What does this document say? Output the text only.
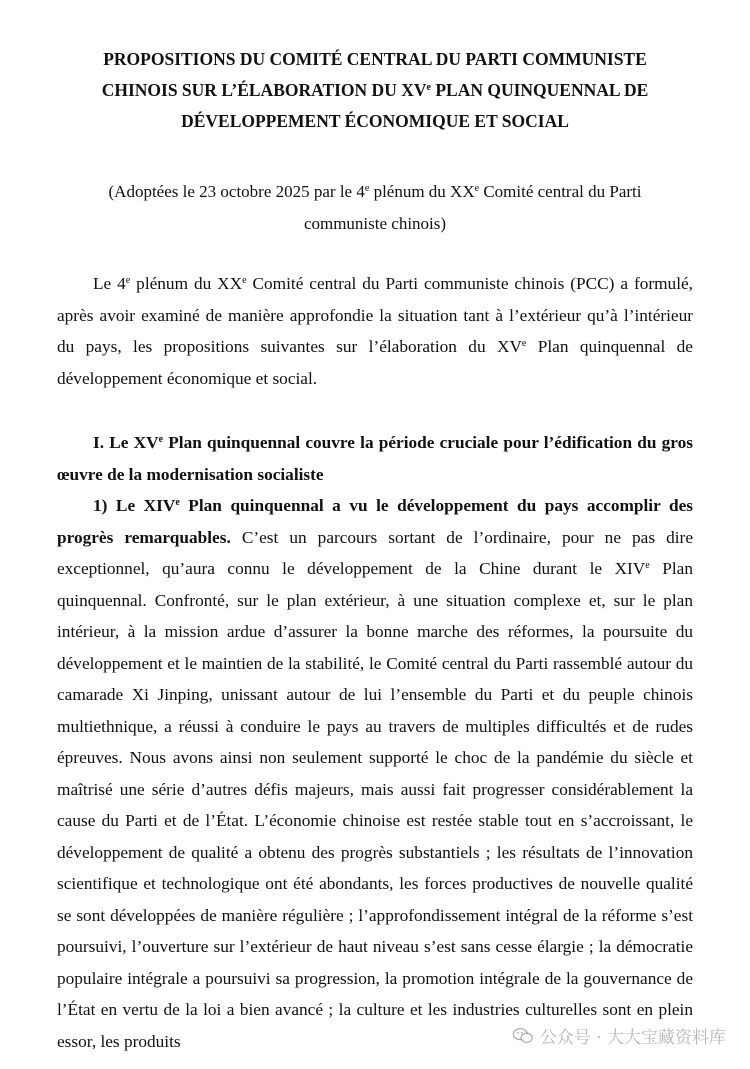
PROPOSITIONS DU COMITÉ CENTRAL DU PARTI COMMUNISTE
CHINOIS SUR L’ÉLABORATION DU XVe PLAN QUINQUENNAL DE
DÉVELOPPEMENT ÉCONOMIQUE ET SOCIAL

(Adoptées le 23 octobre 2025 par le 4e plénum du XXe Comité central du Parti
communiste chinois)

Le 4e plénum du XXe Comité central du Parti communiste chinois (PCC) a formulé, après avoir examiné de manière approfondie la situation tant à l’extérieur qu’à l’intérieur du pays, les propositions suivantes sur l’élaboration du XVe Plan quinquennal de développement économique et social.

I. Le XVe Plan quinquennal couvre la période cruciale pour l’édification du gros œuvre de la modernisation socialiste

1) Le XIVe Plan quinquennal a vu le développement du pays accomplir des progrès remarquables. C’est un parcours sortant de l’ordinaire, pour ne pas dire exceptionnel, qu’aura connu le développement de la Chine durant le XIVe Plan quinquennal. Confronté, sur le plan extérieur, à une situation complexe et, sur le plan intérieur, à la mission ardue d’assurer la bonne marche des réformes, la poursuite du développement et le maintien de la stabilité, le Comité central du Parti rassemblé autour du camarade Xi Jinping, unissant autour de lui l’ensemble du Parti et du peuple chinois multiethnique, a réussi à conduire le pays au travers de multiples difficultés et de rudes épreuves. Nous avons ainsi non seulement supporté le choc de la pandémie du siècle et maîtrisé une série d’autres défis majeurs, mais aussi fait progresser considérablement la cause du Parti et de l’État. L’économie chinoise est restée stable tout en s’accroissant, le développement de qualité a obtenu des progrès substantiels ; les résultats de l’innovation scientifique et technologique ont été abondants, les forces productives de nouvelle qualité se sont développées de manière régulière ; l’approfondissement intégral de la réforme s’est poursuivi, l’ouverture sur l’extérieur de haut niveau s’est sans cesse élargie ; la démocratie populaire intégrale a poursuivi sa progression, la promotion intégrale de la gouvernance de l’État en vertu de la loi a bien avancé ; la culture et les industries culturelles sont en plein essor, les produits	公众号 · 大大宝藏资料库
